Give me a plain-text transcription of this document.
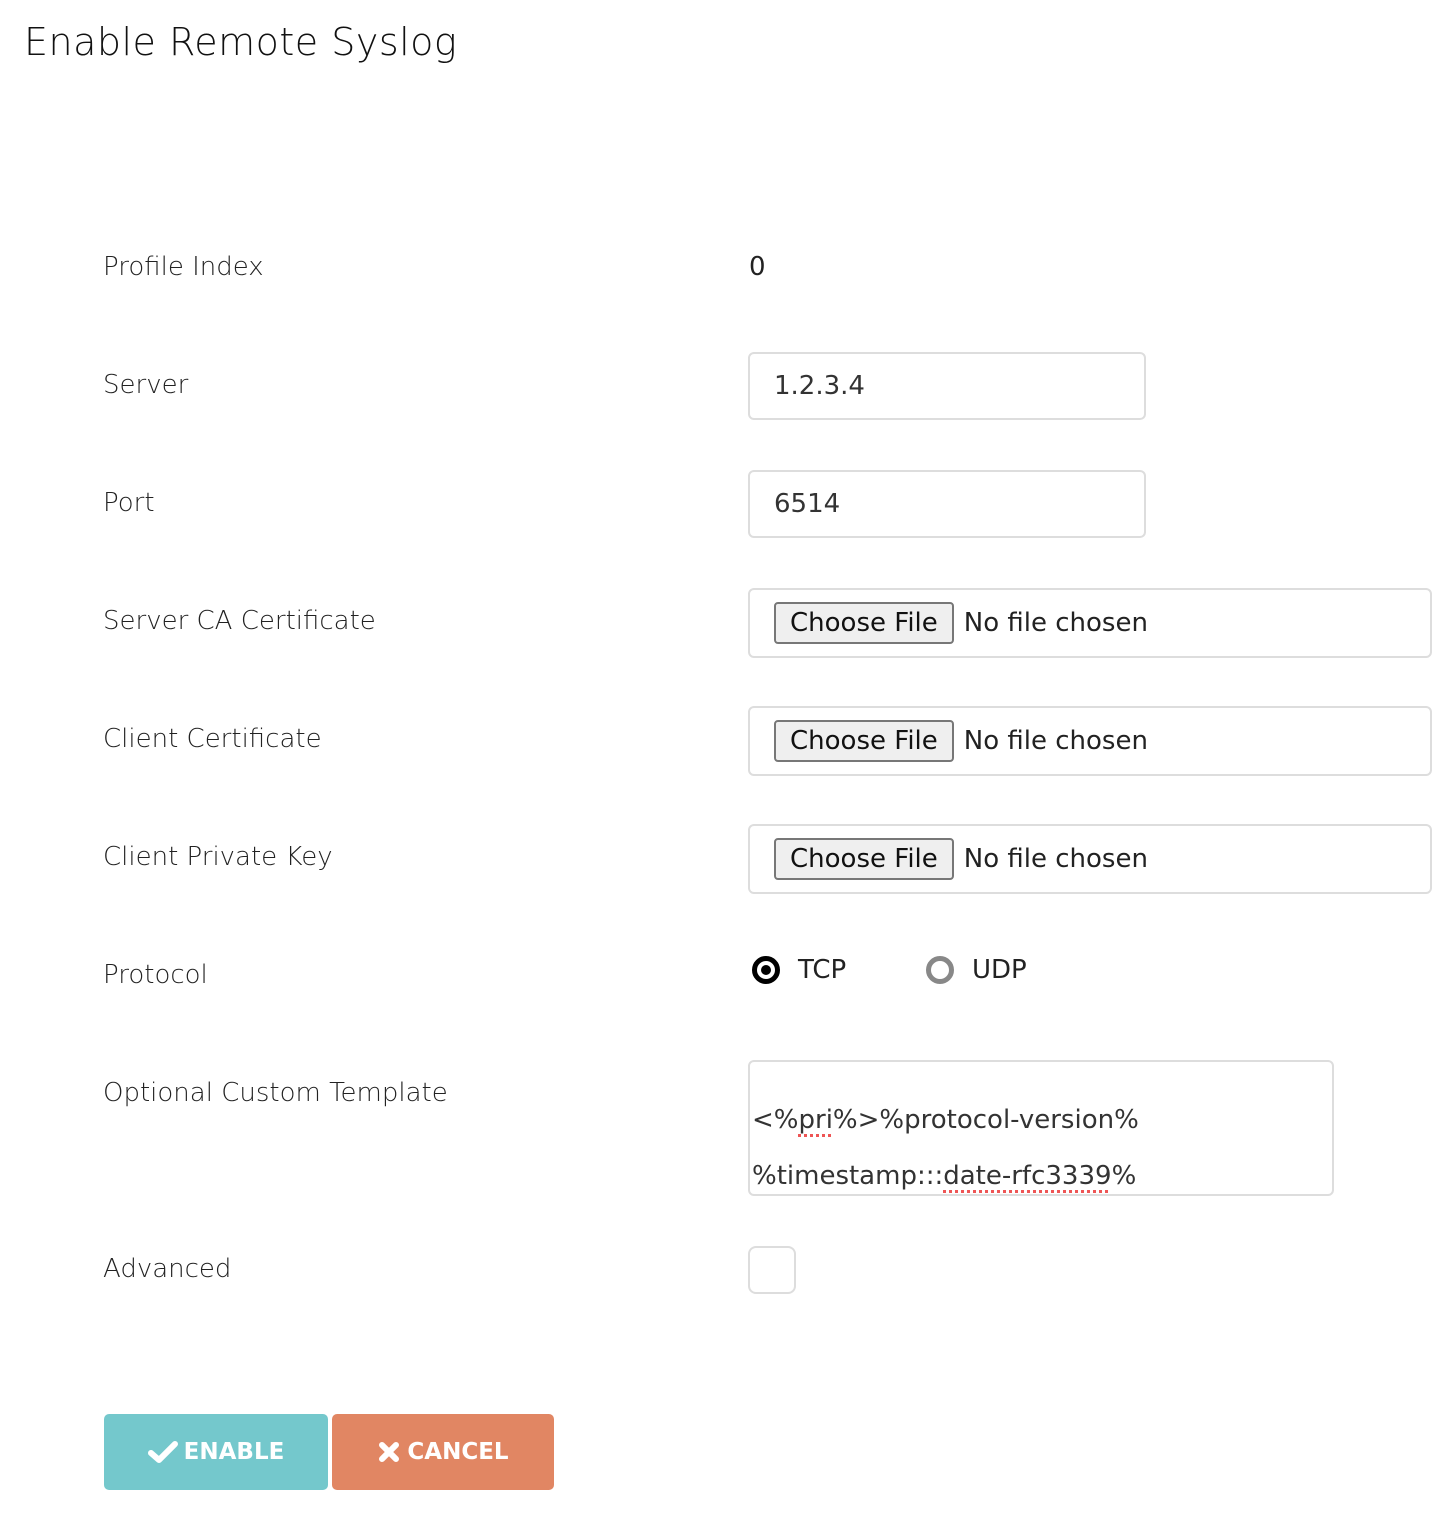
Enable Remote Syslog
Profile Index	0
Server	1.2.3.4
Port	6514
Server CA Certificate	Choose File	No file chosen
Client Certificate	Choose File	No file chosen
Client Private Key	Choose File	No file chosen
Protocol	TCP	UDP
Optional Custom Template
<%pri%>%protocol-version%
%timestamp:::date-rfc3339%
Advanced
ENABLE	CANCEL
